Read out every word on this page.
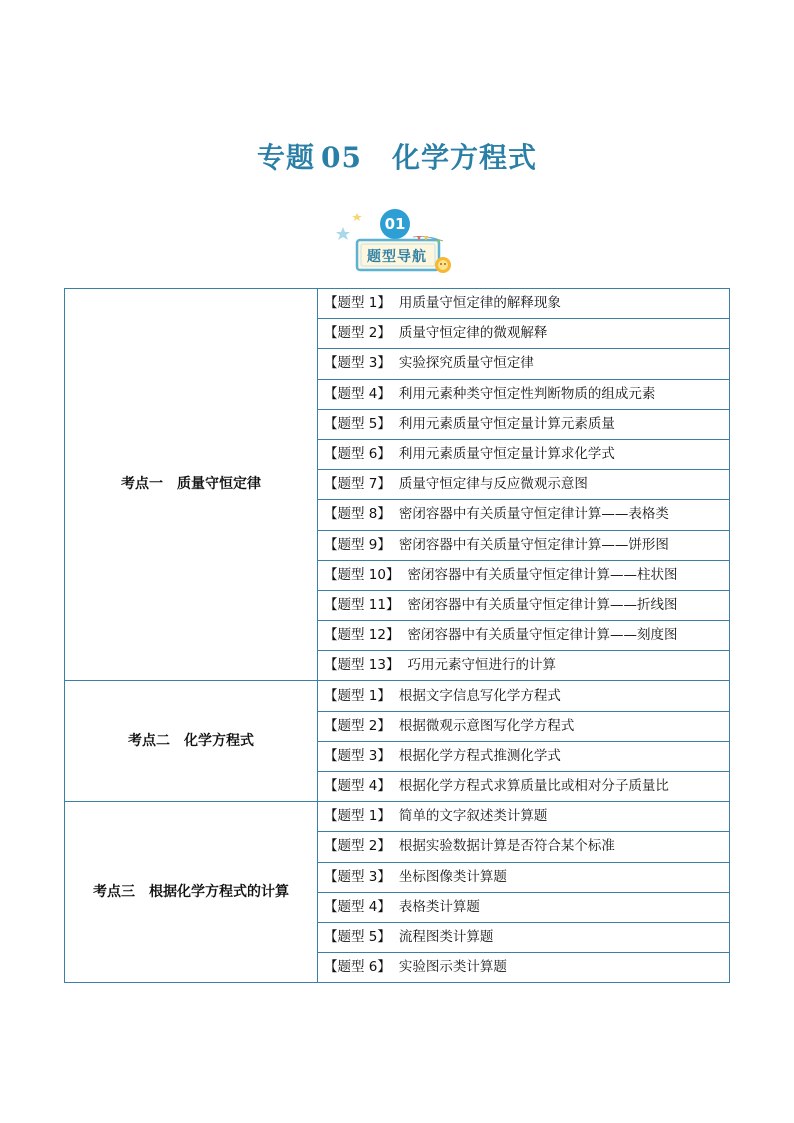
专题 05 化学方程式
01
题型导航
考点一　质量守恒定律	【题型 1】 用质量守恒定律的解释现象
	【题型 2】 质量守恒定律的微观解释
	【题型 3】 实验探究质量守恒定律
	【题型 4】 利用元素种类守恒定性判断物质的组成元素
	【题型 5】 利用元素质量守恒定量计算元素质量
	【题型 6】 利用元素质量守恒定量计算求化学式
	【题型 7】 质量守恒定律与反应微观示意图
	【题型 8】 密闭容器中有关质量守恒定律计算——表格类
	【题型 9】 密闭容器中有关质量守恒定律计算——饼形图
	【题型 10】 密闭容器中有关质量守恒定律计算——柱状图
	【题型 11】 密闭容器中有关质量守恒定律计算——折线图
	【题型 12】 密闭容器中有关质量守恒定律计算——刻度图
	【题型 13】 巧用元素守恒进行的计算
考点二　化学方程式	【题型 1】 根据文字信息写化学方程式
	【题型 2】 根据微观示意图写化学方程式
	【题型 3】 根据化学方程式推测化学式
	【题型 4】 根据化学方程式求算质量比或相对分子质量比
考点三　根据化学方程式的计算	【题型 1】 简单的文字叙述类计算题
	【题型 2】 根据实验数据计算是否符合某个标准
	【题型 3】 坐标图像类计算题
	【题型 4】 表格类计算题
	【题型 5】 流程图类计算题
	【题型 6】 实验图示类计算题
